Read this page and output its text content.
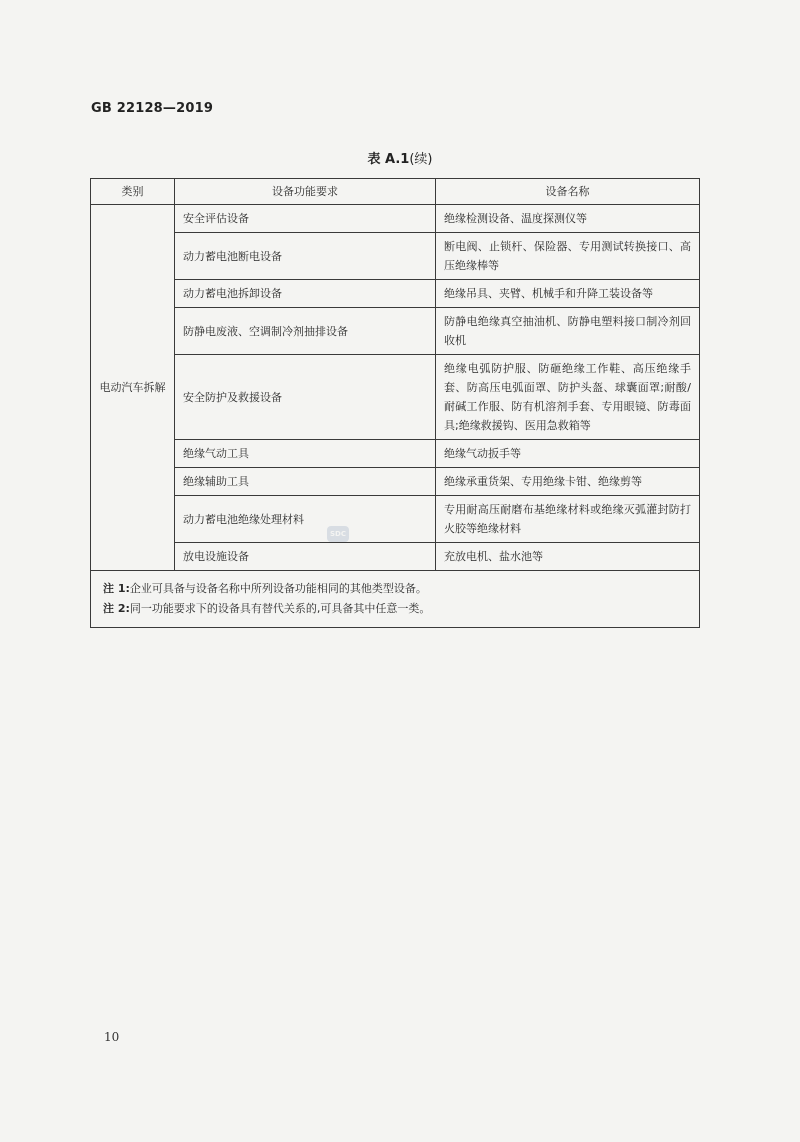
GB 22128—2019
表 A.1(续)
类别	设备功能要求	设备名称
电动汽车拆解	安全评估设备	绝缘检测设备、温度探测仪等
	动力蓄电池断电设备	断电阀、止锁杆、保险器、专用测试转换接口、高压绝缘棒等
	动力蓄电池拆卸设备	绝缘吊具、夹臂、机械手和升降工装设备等
	防静电废液、空调制冷剂抽排设备	防静电绝缘真空抽油机、防静电塑料接口制冷剂回收机
	安全防护及救援设备	绝缘电弧防护服、防砸绝缘工作鞋、高压绝缘手套、防高压电弧面罩、防护头盔、球囊面罩;耐酸/耐碱工作服、防有机溶剂手套、专用眼镜、防毒面具;绝缘救援钩、医用急救箱等
	绝缘气动工具	绝缘气动扳手等
	绝缘辅助工具	绝缘承重货架、专用绝缘卡钳、绝缘剪等
	动力蓄电池绝缘处理材料	专用耐高压耐磨布基绝缘材料或绝缘灭弧灌封防打火胶等绝缘材料
	放电设施设备	充放电机、盐水池等

注 1:企业可具备与设备名称中所列设备功能相同的其他类型设备。
注 2:同一功能要求下的设备具有替代关系的,可具备其中任意一类。		
SDC
10
